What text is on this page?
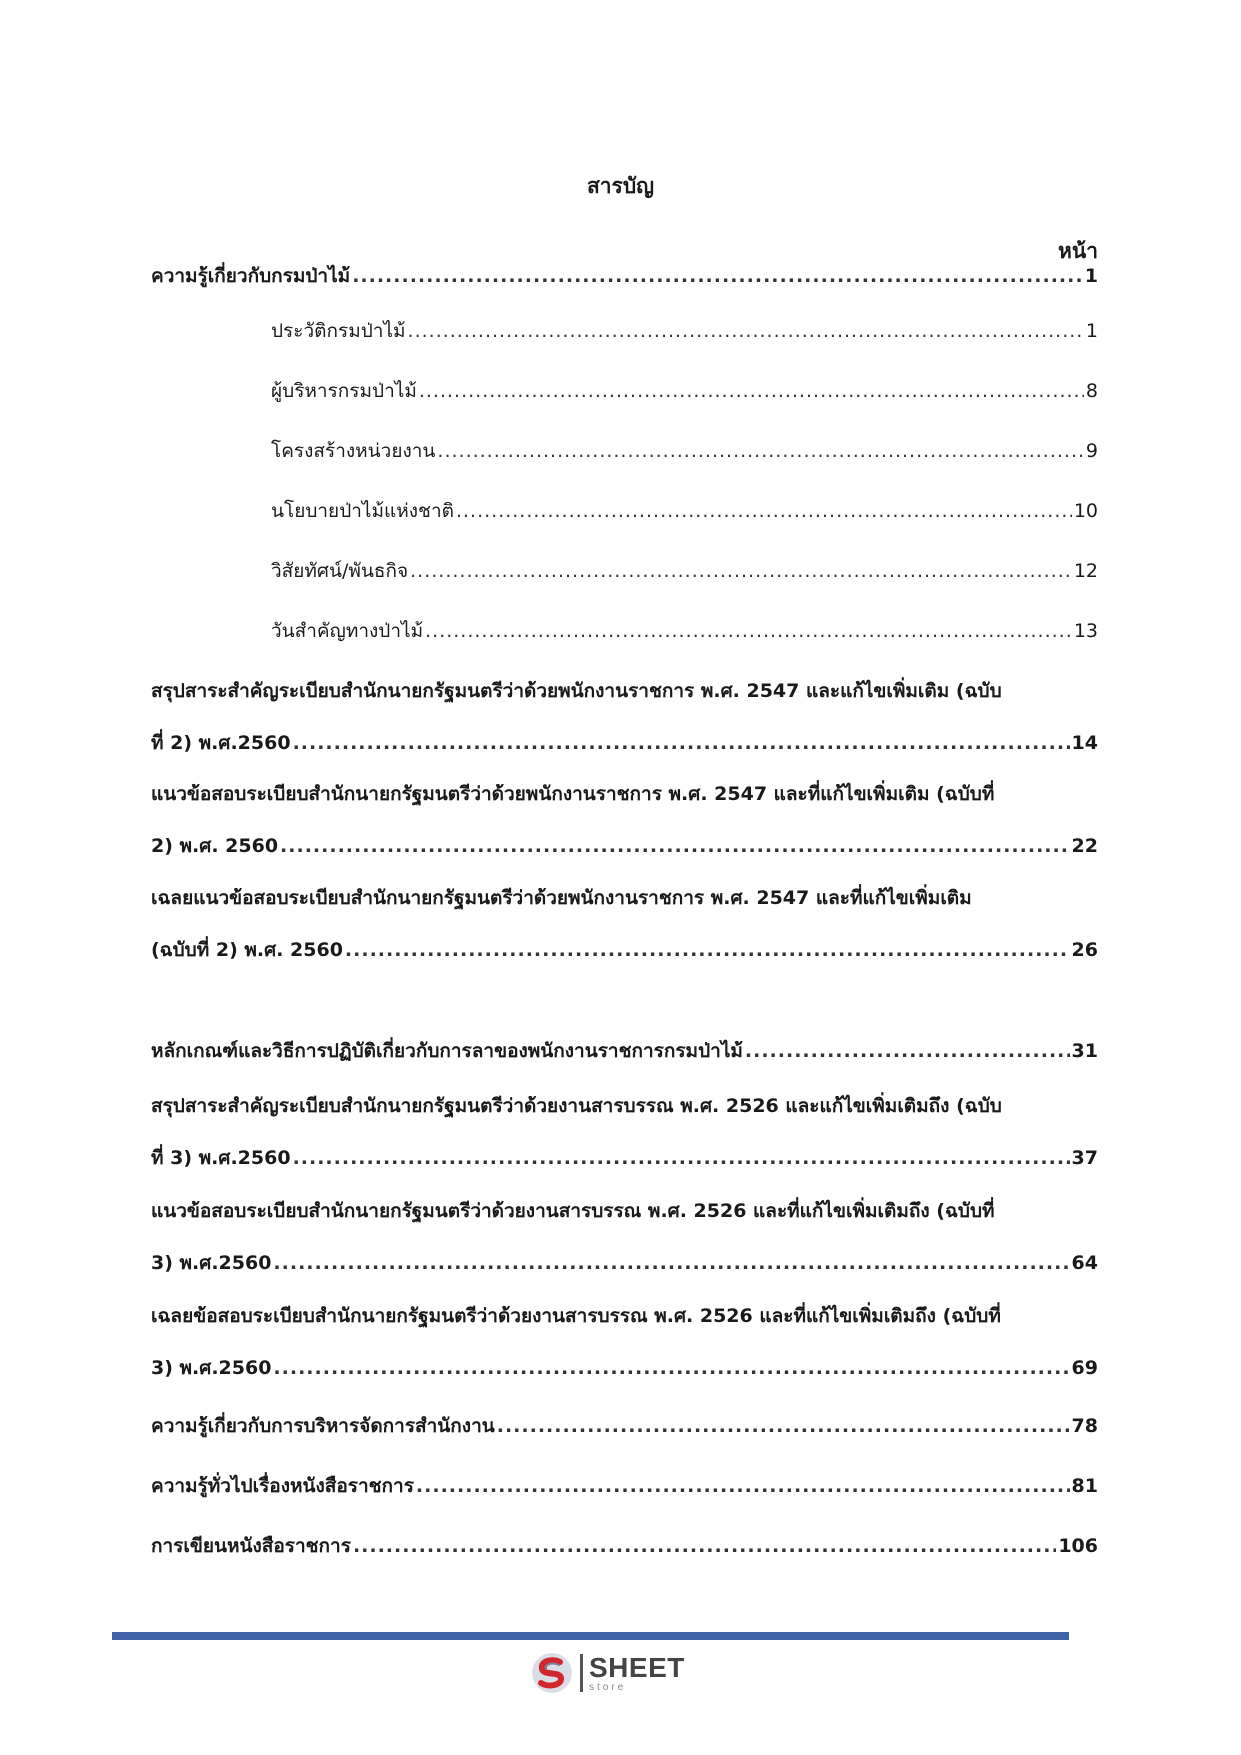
สารบัญ
หน้า
ความรู้เกี่ยวกับกรมป่าไม้ .....	1
ประวัติกรมป่าไม้ .....	1
ผู้บริหารกรมป่าไม้ .....	8
โครงสร้างหน่วยงาน .....	9
นโยบายป่าไม้แห่งชาติ .....	10
วิสัยทัศน์/พันธกิจ .....	12
วันสำคัญทางป่าไม้ .....	13
สรุปสาระสำคัญระเบียบสำนักนายกรัฐมนตรีว่าด้วยพนักงานราชการ พ.ศ. 2547 และแก้ไขเพิ่มเติม (ฉบับ
ที่ 2) พ.ศ.2560 .....	14
แนวข้อสอบระเบียบสำนักนายกรัฐมนตรีว่าด้วยพนักงานราชการ พ.ศ. 2547 และที่แก้ไขเพิ่มเติม (ฉบับที่
2) พ.ศ. 2560 .....	22
เฉลยแนวข้อสอบระเบียบสำนักนายกรัฐมนตรีว่าด้วยพนักงานราชการ พ.ศ. 2547 และที่แก้ไขเพิ่มเติม
(ฉบับที่ 2) พ.ศ. 2560 .....	26
หลักเกณฑ์และวิธีการปฏิบัติเกี่ยวกับการลาของพนักงานราชการกรมป่าไม้ .....	31
สรุปสาระสำคัญระเบียบสำนักนายกรัฐมนตรีว่าด้วยงานสารบรรณ พ.ศ. 2526 และแก้ไขเพิ่มเติมถึง (ฉบับ
ที่ 3) พ.ศ.2560 .....	37
แนวข้อสอบระเบียบสำนักนายกรัฐมนตรีว่าด้วยงานสารบรรณ พ.ศ. 2526 และที่แก้ไขเพิ่มเติมถึง (ฉบับที่
3) พ.ศ.2560 .....	64
เฉลยข้อสอบระเบียบสำนักนายกรัฐมนตรีว่าด้วยงานสารบรรณ พ.ศ. 2526 และที่แก้ไขเพิ่มเติมถึง (ฉบับที่
3) พ.ศ.2560 .....	69
ความรู้เกี่ยวกับการบริหารจัดการสำนักงาน .....	78
ความรู้ทั่วไปเรื่องหนังสือราชการ .....	81
การเขียนหนังสือราชการ .....	106
SHEET
store
